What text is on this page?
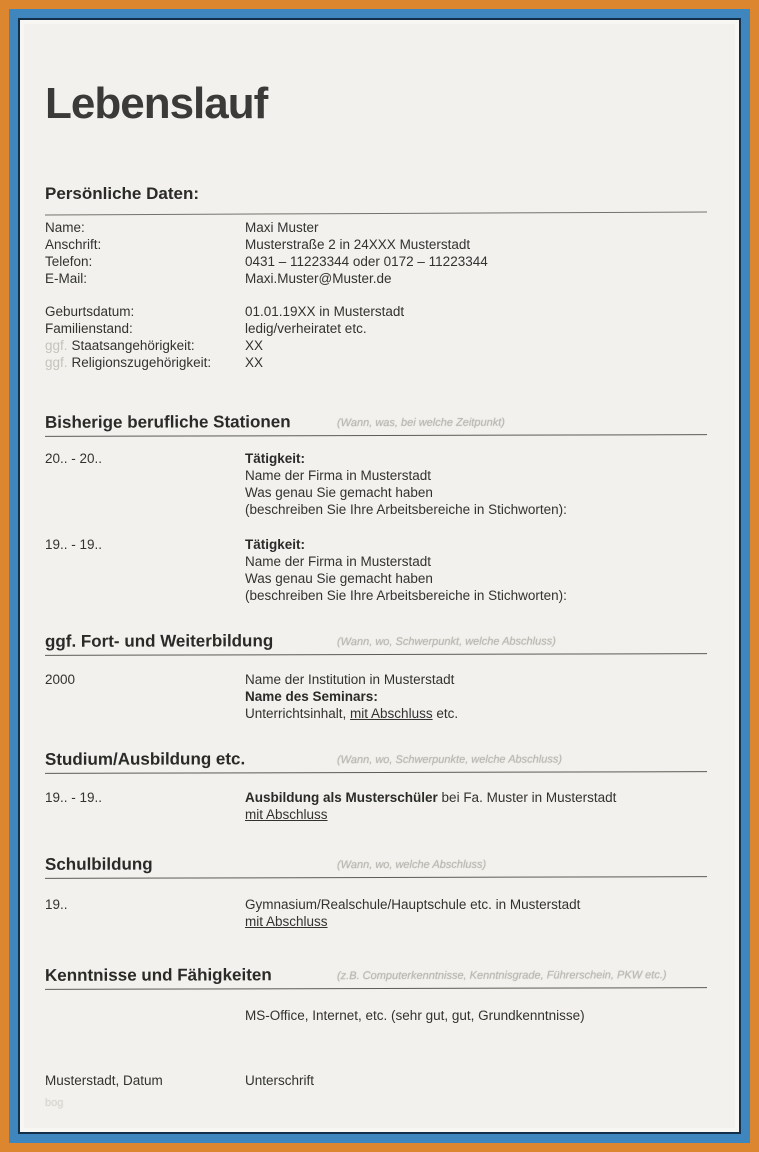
Lebenslauf
Persönliche Daten:
Name:	Maxi Muster
Anschrift:	Musterstraße 2 in 24XXX Musterstadt
Telefon:	0431 – 11223344 oder 0172 – 11223344
E-Mail:	Maxi.Muster@Muster.de
Geburtsdatum:	01.01.19XX in Musterstadt
Familienstand:	ledig/verheiratet etc.
ggf. Staatsangehörigkeit:	XX
ggf. Religionszugehörigkeit:	XX
Bisherige berufliche Stationen	(Wann, was, bei welche Zeitpunkt)
20.. - 20..	Tätigkeit:
Name der Firma in Musterstadt
Was genau Sie gemacht haben
(beschreiben Sie Ihre Arbeitsbereiche in Stichworten):
19.. - 19..	Tätigkeit:
Name der Firma in Musterstadt
Was genau Sie gemacht haben
(beschreiben Sie Ihre Arbeitsbereiche in Stichworten):
ggf. Fort- und Weiterbildung	(Wann, wo, Schwerpunkt, welche Abschluss)
2000	Name der Institution in Musterstadt
Name des Seminars:
Unterrichtsinhalt, mit Abschluss etc.
Studium/Ausbildung etc.	(Wann, wo, Schwerpunkte, welche Abschluss)
19.. - 19..	Ausbildung als Musterschüler bei Fa. Muster in Musterstadt
mit Abschluss
Schulbildung	(Wann, wo, welche Abschluss)
19..	Gymnasium/Realschule/Hauptschule etc. in Musterstadt
mit Abschluss
Kenntnisse und Fähigkeiten	(z.B. Computerkenntnisse, Kenntnisgrade, Führerschein, PKW etc.)
MS-Office, Internet, etc. (sehr gut, gut, Grundkenntnisse)
Musterstadt, Datum	Unterschrift
bog
